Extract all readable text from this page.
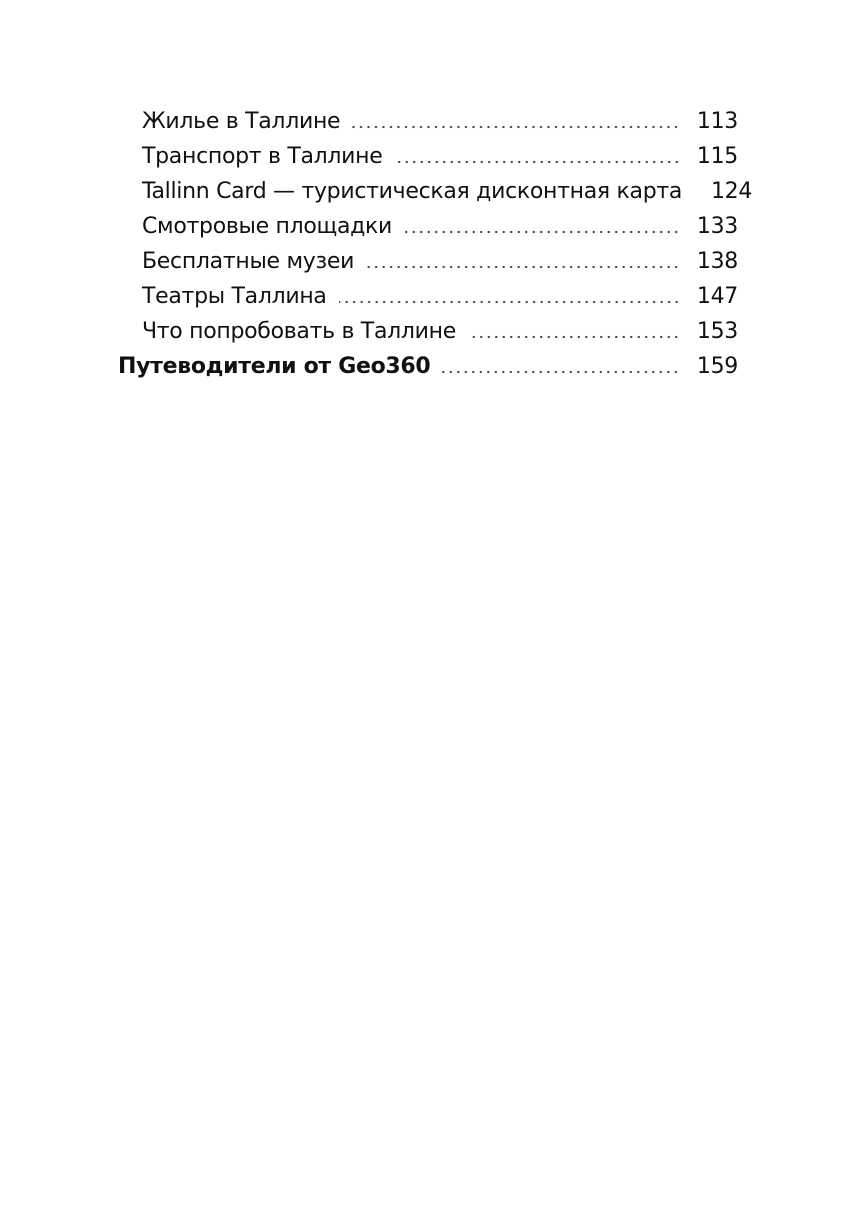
Жилье в Таллине	113
Транспорт в Таллине	115
Tallinn Card — туристическая дисконтная карта 124
Смотровые площадки	133
Бесплатные музеи	138
Театры Таллина	147
Что попробовать в Таллине	153
Путеводители от Geo360	159
